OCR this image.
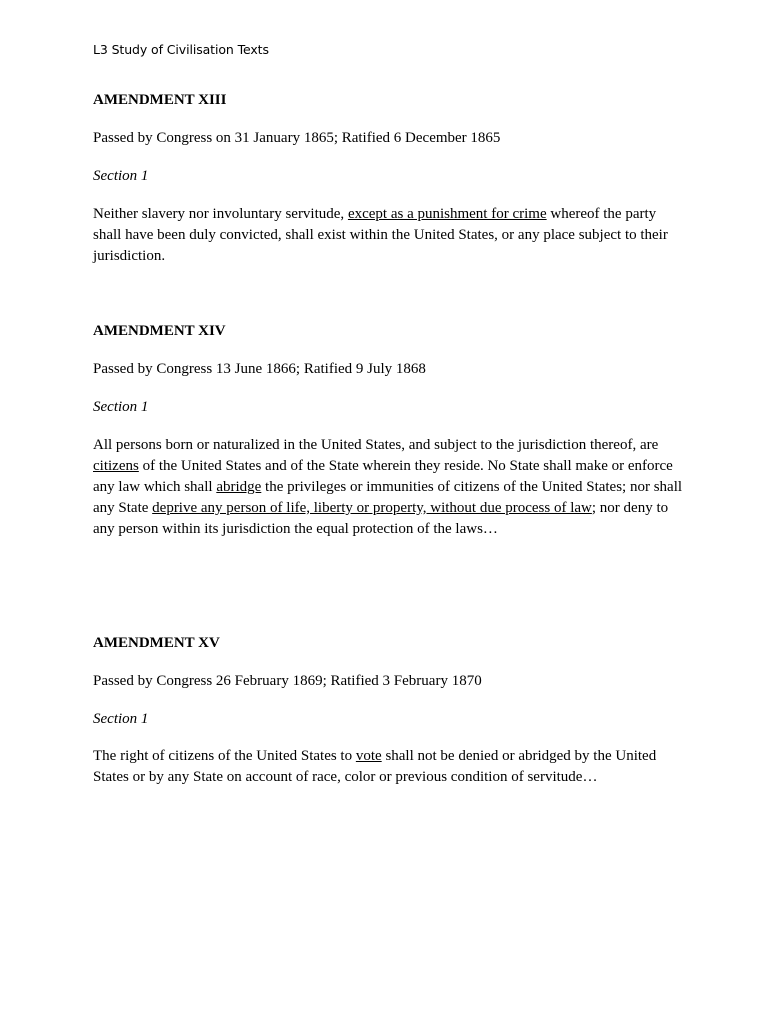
L3 Study of Civilisation Texts
AMENDMENT XIII
Passed by Congress on 31 January 1865; Ratified 6 December 1865
Section 1
Neither slavery nor involuntary servitude, except as a punishment for crime whereof the party shall have been duly convicted, shall exist within the United States, or any place subject to their jurisdiction.
AMENDMENT XIV
Passed by Congress 13 June 1866; Ratified 9 July 1868
Section 1
All persons born or naturalized in the United States, and subject to the jurisdiction thereof, are citizens of the United States and of the State wherein they reside. No State shall make or enforce any law which shall abridge the privileges or immunities of citizens of the United States; nor shall any State deprive any person of life, liberty or property, without due process of law; nor deny to any person within its jurisdiction the equal protection of the laws…
AMENDMENT XV
Passed by Congress 26 February 1869; Ratified 3 February 1870
Section 1
The right of citizens of the United States to vote shall not be denied or abridged by the United States or by any State on account of race, color or previous condition of servitude…
